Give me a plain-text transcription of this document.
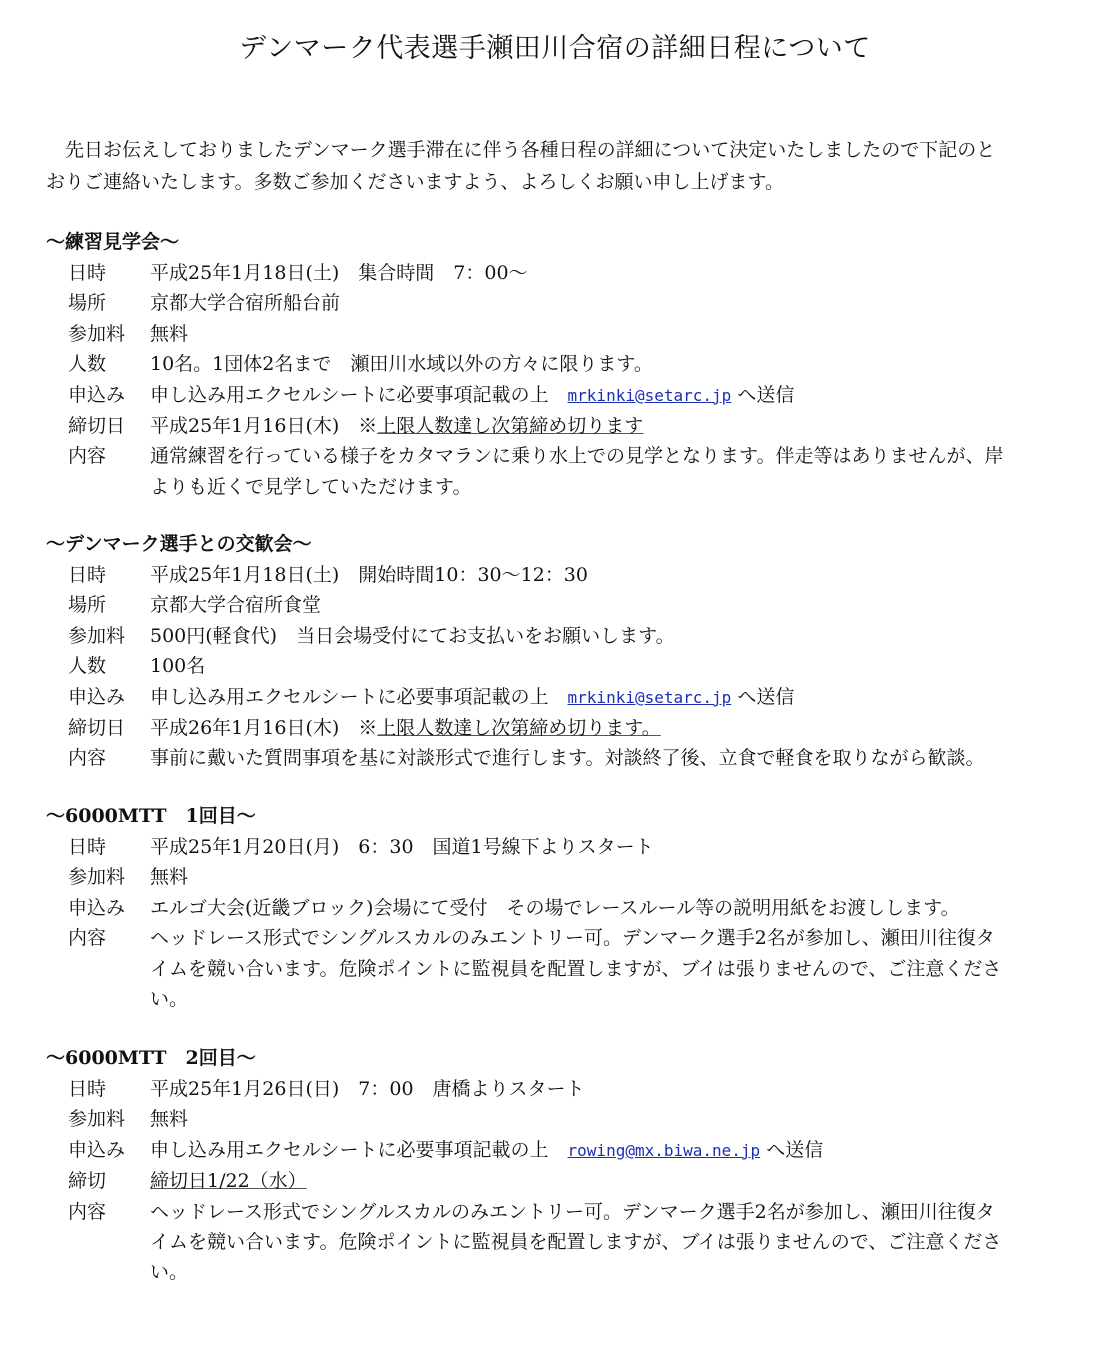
デンマーク代表選手瀬田川合宿の詳細日程について
先日お伝えしておりましたデンマーク選手滞在に伴う各種日程の詳細について決定いたしましたので下記のと
おりご連絡いたします。多数ご参加くださいますよう、よろしくお願い申し上げます。
～練習見学会～
日時	平成25年1月18日(土)　集合時間　7：00～
場所	京都大学合宿所船台前
参加料	無料
人数	10名。1団体2名まで　瀬田川水域以外の方々に限ります。
申込み	申し込み用エクセルシートに必要事項記載の上　mrkinki@setarc.jp へ送信
締切日	平成25年1月16日(木)　※上限人数達し次第締め切ります
内容	通常練習を行っている様子をカタマランに乗り水上での見学となります。伴走等はありませんが、岸
よりも近くで見学していただけます。
～デンマーク選手との交歓会～
日時	平成25年1月18日(土)　開始時間10：30～12：30
場所	京都大学合宿所食堂
参加料	500円(軽食代)　当日会場受付にてお支払いをお願いします。
人数	100名
申込み	申し込み用エクセルシートに必要事項記載の上　mrkinki@setarc.jp へ送信
締切日	平成26年1月16日(木)　※上限人数達し次第締め切ります。
内容	事前に戴いた質問事項を基に対談形式で進行します。対談終了後、立食で軽食を取りながら歓談。
～6000MTT　1回目～
日時	平成25年1月20日(月)　6：30　国道1号線下よりスタート
参加料	無料
申込み	エルゴ大会(近畿ブロック)会場にて受付　その場でレースルール等の説明用紙をお渡しします。
内容	ヘッドレース形式でシングルスカルのみエントリー可。デンマーク選手2名が参加し、瀬田川往復タ
イムを競い合います。危険ポイントに監視員を配置しますが、ブイは張りませんので、ご注意くださ
い。
～6000MTT　2回目～
日時	平成25年1月26日(日)　7：00　唐橋よりスタート
参加料	無料
申込み	申し込み用エクセルシートに必要事項記載の上　rowing@mx.biwa.ne.jp へ送信
締切	締切日1/22（水）
内容	ヘッドレース形式でシングルスカルのみエントリー可。デンマーク選手2名が参加し、瀬田川往復タ
イムを競い合います。危険ポイントに監視員を配置しますが、ブイは張りませんので、ご注意くださ
い。
